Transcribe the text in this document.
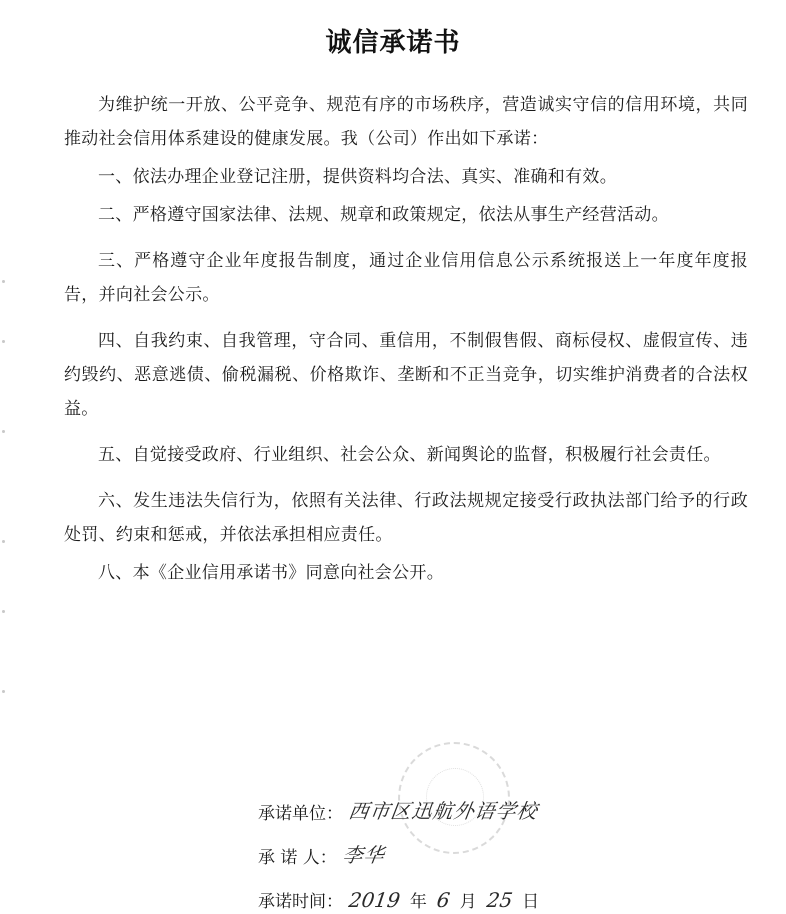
诚信承诺书

为维护统一开放、公平竞争、规范有序的市场秩序，营造诚实守信的信用环境，共同推动社会信用体系建设的健康发展。我（公司）作出如下承诺：

一、依法办理企业登记注册，提供资料均合法、真实、准确和有效。

二、严格遵守国家法律、法规、规章和政策规定，依法从事生产经营活动。

三、严格遵守企业年度报告制度，通过企业信用信息公示系统报送上一年度年度报告，并向社会公示。

四、自我约束、自我管理，守合同、重信用，不制假售假、商标侵权、虚假宣传、违约毁约、恶意逃债、偷税漏税、价格欺诈、垄断和不正当竞争，切实维护消费者的合法权益。

五、自觉接受政府、行业组织、社会公众、新闻舆论的监督，积极履行社会责任。

六、发生违法失信行为，依照有关法律、行政法规规定接受行政执法部门给予的行政处罚、约束和惩戒，并依法承担相应责任。

八、本《企业信用承诺书》同意向社会公开。

承诺单位： 西市区迅航外语学校
承 诺 人： 李华
承诺时间： 2019 年 6 月 25 日
